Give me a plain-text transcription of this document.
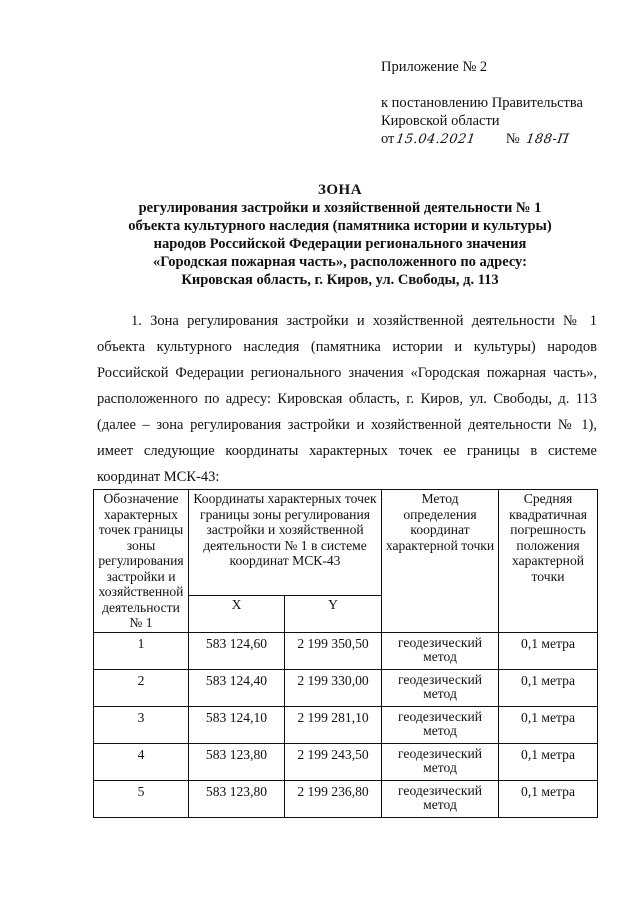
Приложение № 2
к постановлению Правительства
Кировской области
от15.04.2021 № 188-П
ЗОНА
регулирования застройки и хозяйственной деятельности № 1
объекта культурного наследия (памятника истории и культуры)
народов Российской Федерации регионального значения
«Городская пожарная часть», расположенного по адресу:
Кировская область, г. Киров, ул. Свободы, д. 113

1. Зона регулирования застройки и хозяйственной деятельности № 1 объекта культурного наследия (памятника истории и культуры) народов Российской Федерации регионального значения «Городская пожарная часть», расположенного по адресу: Кировская область, г. Киров, ул. Свободы, д. 113 (далее – зона регулирования застройки и хозяйственной деятельности № 1), имеет следующие координаты характерных точек ее границы в системе координат МСК-43:

Обозначение характерных точек границы зоны регулирования застройки и хозяйственной деятельности № 1	Координаты характерных точек границы зоны регулирования застройки и хозяйственной деятельности № 1 в системе координат МСК-43		Метод определения координат характерной точки	Средняя квадратичная погрешность положения характерной точки
	X	Y		
1	583 124,60	2 199 350,50	геодезический метод	0,1 метра
2	583 124,40	2 199 330,00	геодезический метод	0,1 метра
3	583 124,10	2 199 281,10	геодезический метод	0,1 метра
4	583 123,80	2 199 243,50	геодезический метод	0,1 метра
5	583 123,80	2 199 236,80	геодезический метод	0,1 метра
